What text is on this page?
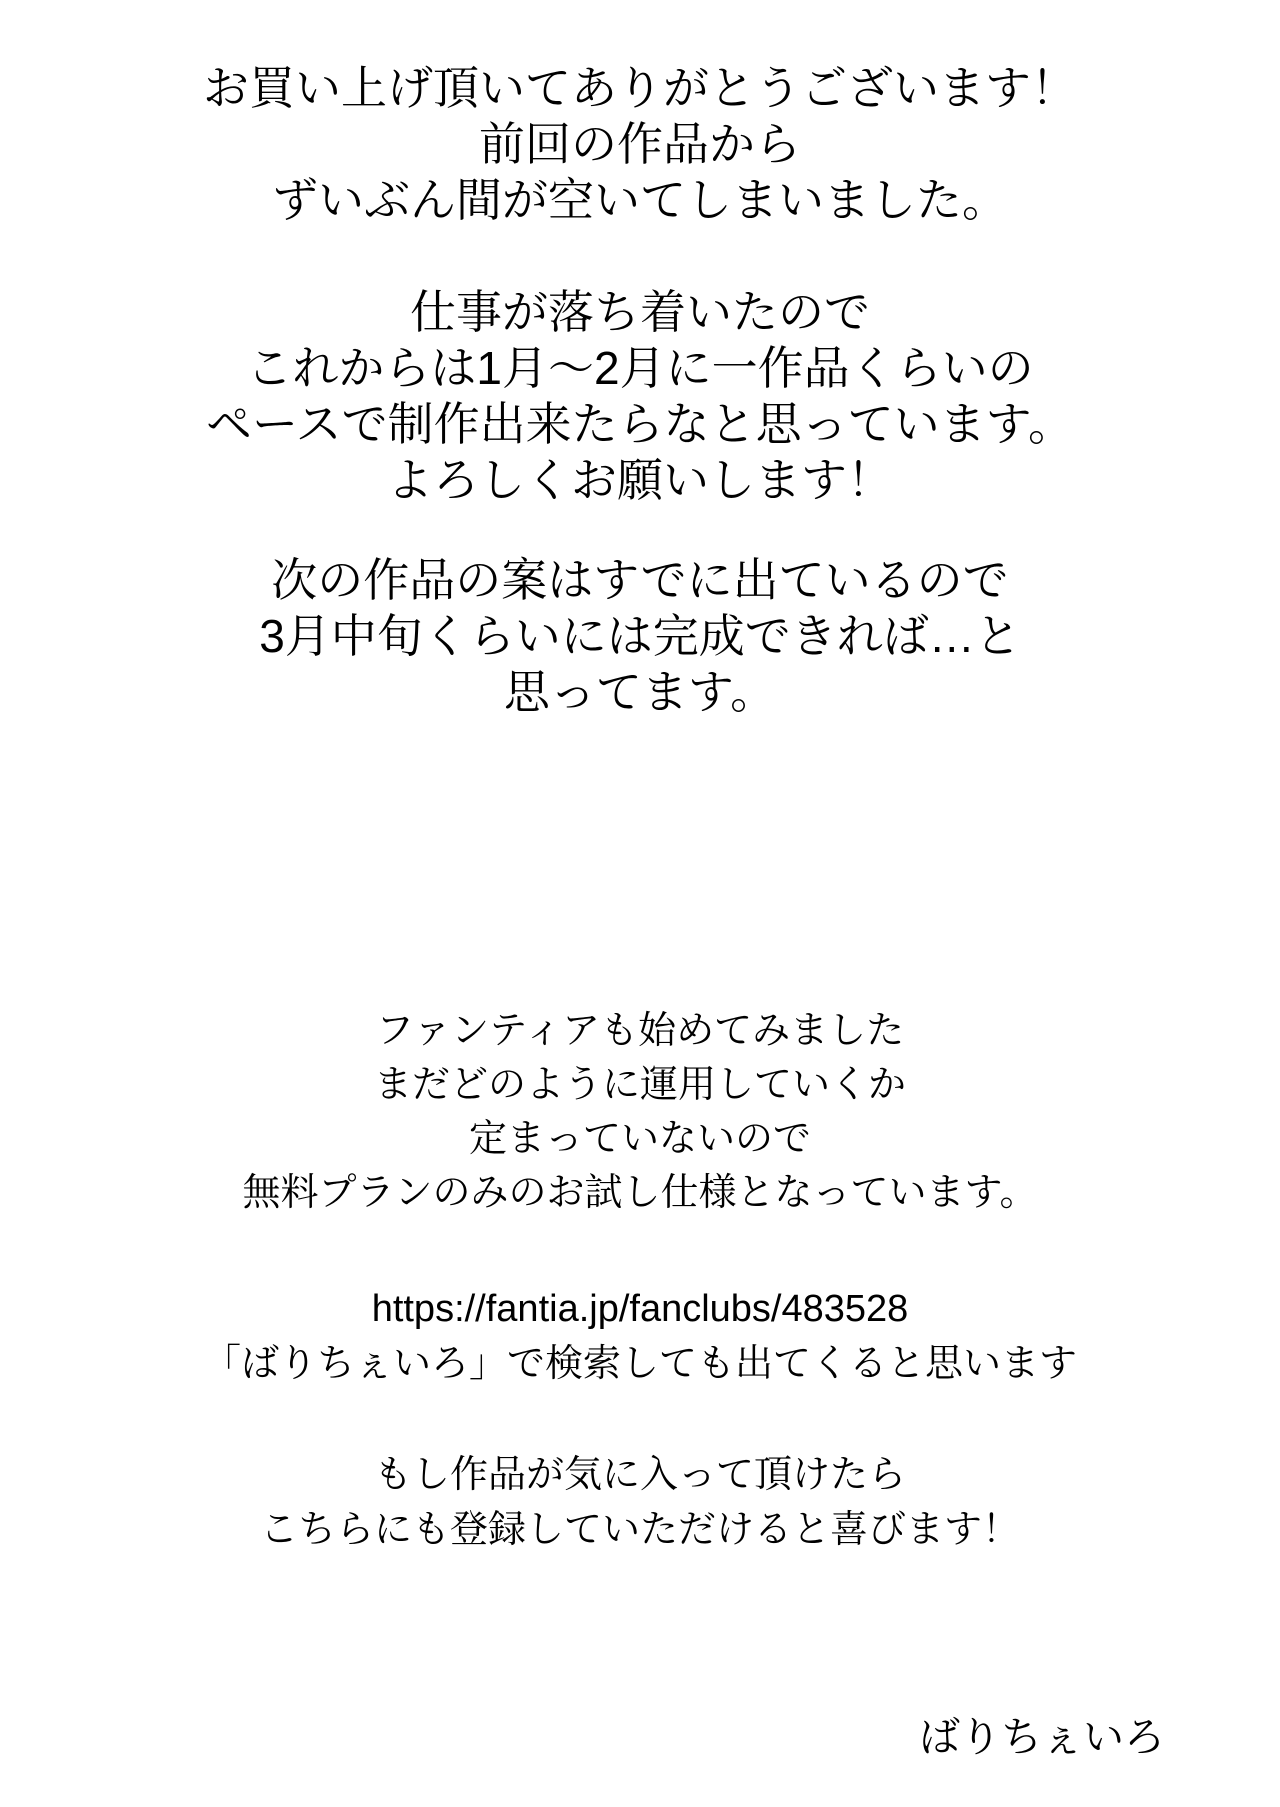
お買い上げ頂いてありがとうございます！
前回の作品から
ずいぶん間が空いてしまいました。
仕事が落ち着いたので
これからは1月～2月に一作品くらいの
ペースで制作出来たらなと思っています。
よろしくお願いします！
次の作品の案はすでに出ているので
3月中旬くらいには完成できれば…と
思ってます。
ファンティアも始めてみました
まだどのように運用していくか
定まっていないので
無料プランのみのお試し仕様となっています。
https://fantia.jp/fanclubs/483528
「ばりちぇいろ」で検索しても出てくると思います
もし作品が気に入って頂けたら
こちらにも登録していただけると喜びます！
ばりちぇいろ
